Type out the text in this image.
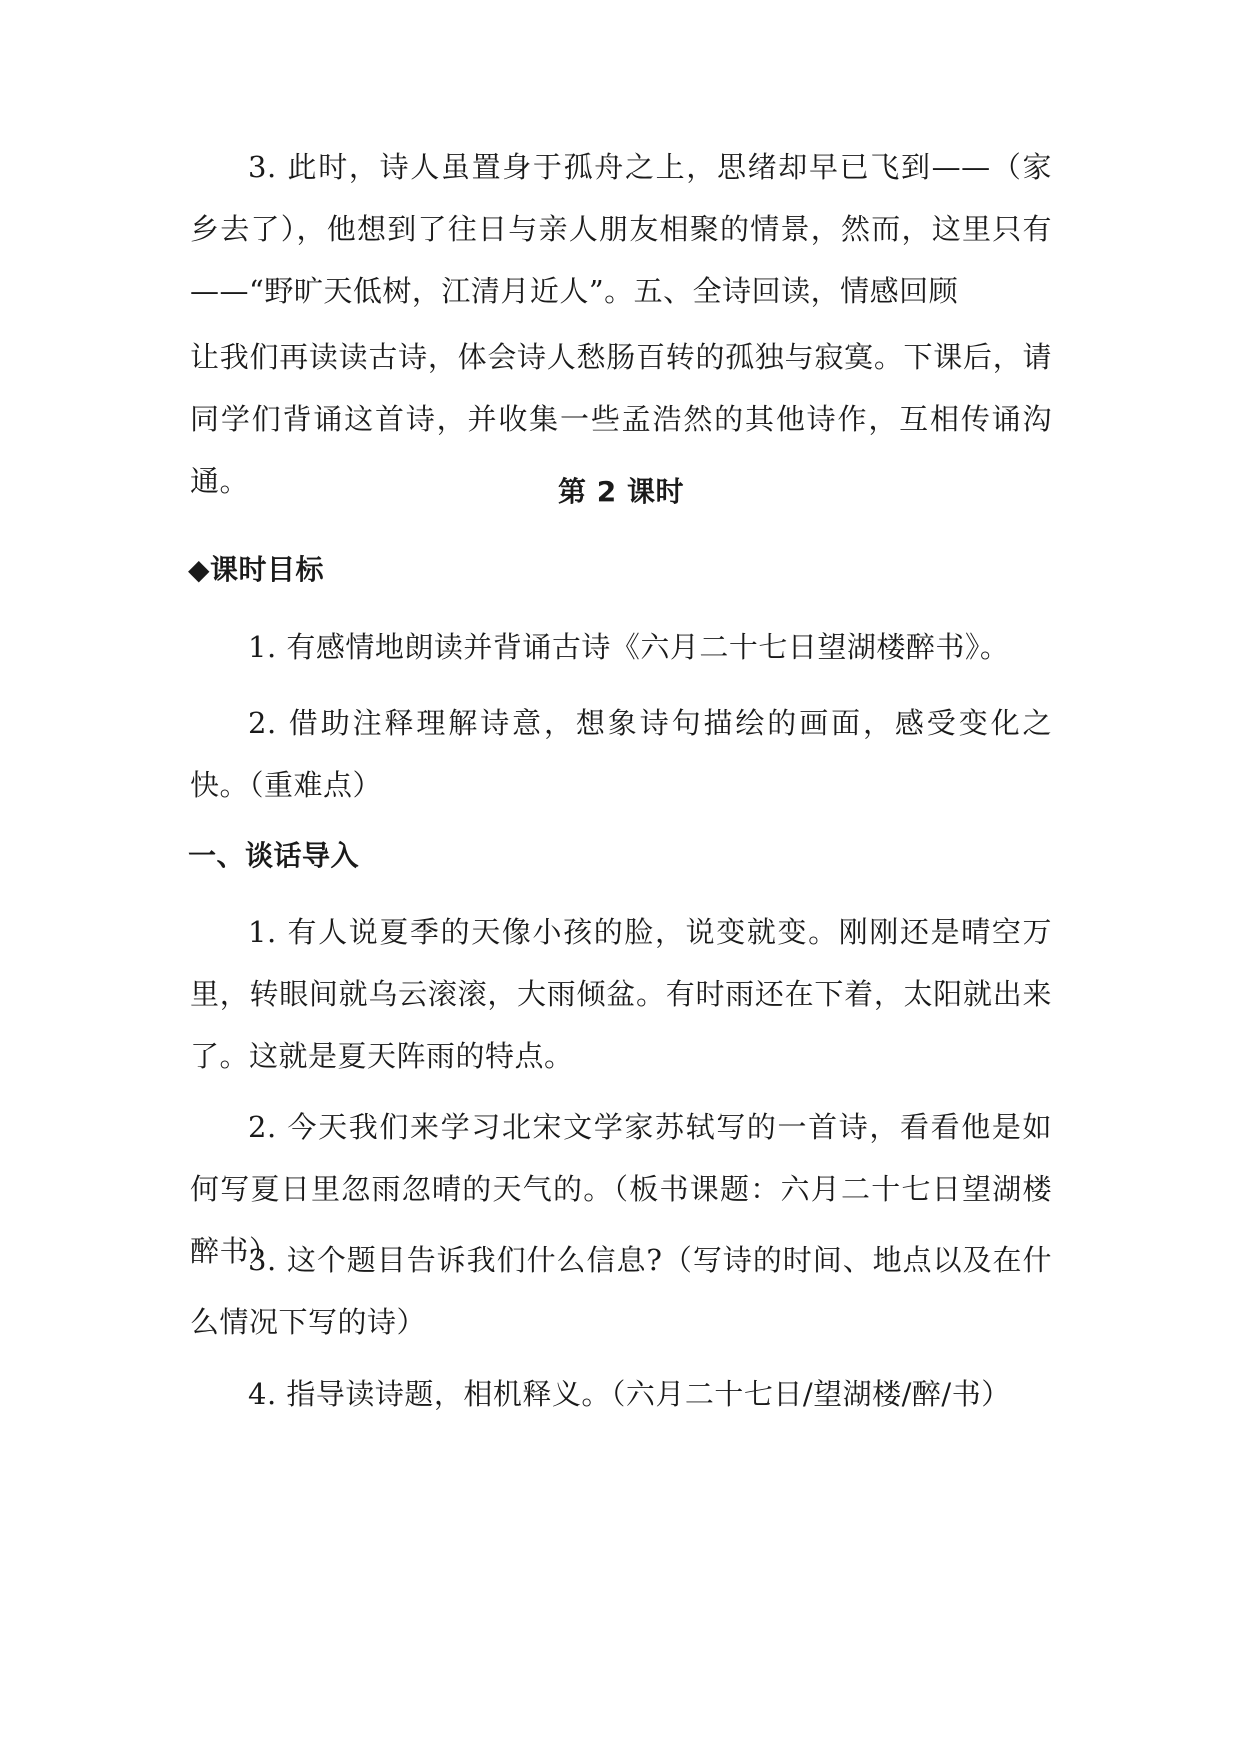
3. 此时，诗人虽置身于孤舟之上，思绪却早已飞到——（家乡去了），他想到了往日与亲人朋友相聚的情景，然而，这里只有——“野旷天低树，江清月近人”。五、全诗回读，情感回顾

让我们再读读古诗，体会诗人愁肠百转的孤独与寂寞。下课后，请同学们背诵这首诗，并收集一些孟浩然的其他诗作，互相传诵沟通。	第 2 课时
◆课时目标

1. 有感情地朗读并背诵古诗《六月二十七日望湖楼醉书》。

2. 借助注释理解诗意，想象诗句描绘的画面，感受变化之快。（重难点）

一、谈话导入

1. 有人说夏季的天像小孩的脸，说变就变。刚刚还是晴空万里，转眼间就乌云滚滚，大雨倾盆。有时雨还在下着，太阳就出来了。这就是夏天阵雨的特点。

2. 今天我们来学习北宋文学家苏轼写的一首诗，看看他是如何写夏日里忽雨忽晴的天气的。（板书课题：六月二十七日望湖楼醉书）

3. 这个题目告诉我们什么信息?（写诗的时间、地点以及在什么情况下写的诗）

4. 指导读诗题，相机释义。（六月二十七日/望湖楼/醉/书）
